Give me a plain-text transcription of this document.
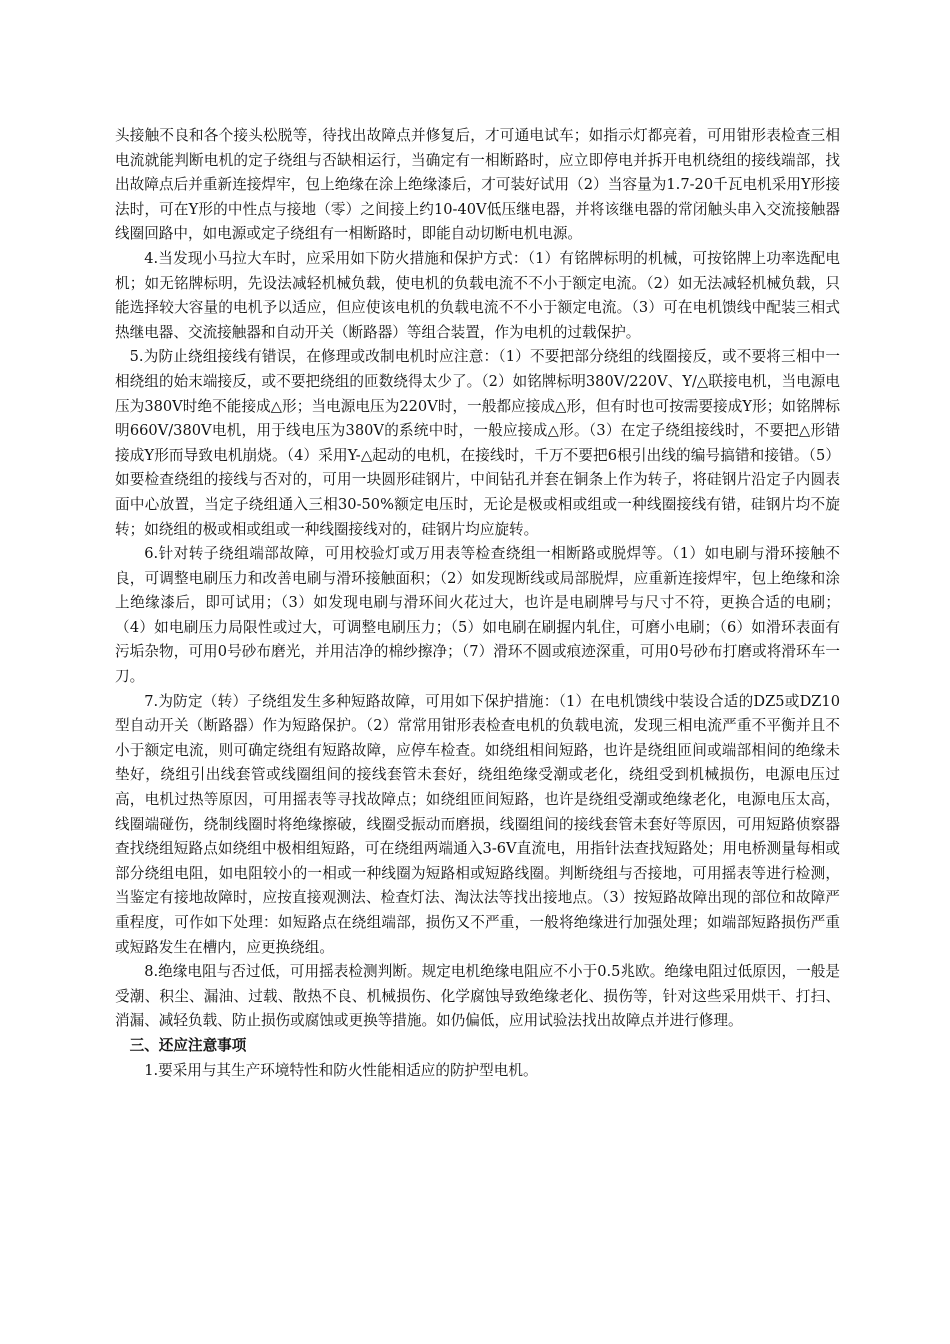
头接触不良和各个接头松脱等，待找出故障点并修复后，才可通电试车；如指示灯都亮着，可用钳形表检查三相电流就能判断电机的定子绕组与否缺相运行，当确定有一相断路时，应立即停电并拆开电机绕组的接线端部，找出故障点后并重新连接焊牢，包上绝缘在涂上绝缘漆后，才可装好试用（2）当容量为1.7-20千瓦电机采用Y形接法时，可在Y形的中性点与接地（零）之间接上约10-40V低压继电器，并将该继电器的常闭触头串入交流接触器线圈回路中，如电源或定子绕组有一相断路时，即能自动切断电机电源。

4.当发现小马拉大车时，应采用如下防火措施和保护方式：（1）有铭牌标明的机械，可按铭牌上功率选配电机；如无铭牌标明，先设法减轻机械负载，使电机的负载电流不不小于额定电流。（2）如无法减轻机械负载，只能选择较大容量的电机予以适应，但应使该电机的负载电流不不小于额定电流。（3）可在电机馈线中配装三相式热继电器、交流接触器和自动开关（断路器）等组合装置，作为电机的过载保护。

5.为防止绕组接线有错误，在修理或改制电机时应注意：（1）不要把部分绕组的线圈接反，或不要将三相中一相绕组的始末端接反，或不要把绕组的匝数绕得太少了。（2）如铭牌标明380V/220V、Y/△联接电机，当电源电压为380V时绝不能接成△形；当电源电压为220V时，一般都应接成△形，但有时也可按需要接成Y形；如铭牌标明660V/380V电机，用于线电压为380V的系统中时，一般应接成△形。（3）在定子绕组接线时，不要把△形错接成Y形而导致电机崩烧。（4）采用Y-△起动的电机，在接线时，千万不要把6根引出线的编号搞错和接错。（5）如要检查绕组的接线与否对的，可用一块圆形硅钢片，中间钻孔并套在铜条上作为转子，将硅钢片沿定子内圆表面中心放置，当定子绕组通入三相30-50%额定电压时，无论是极或相或组或一种线圈接线有错，硅钢片均不旋转；如绕组的极或相或组或一种线圈接线对的，硅钢片均应旋转。

6.针对转子绕组端部故障，可用校验灯或万用表等检查绕组一相断路或脱焊等。（1）如电刷与滑环接触不良，可调整电刷压力和改善电刷与滑环接触面积；（2）如发现断线或局部脱焊，应重新连接焊牢，包上绝缘和涂上绝缘漆后，即可试用；（3）如发现电刷与滑环间火花过大，也许是电刷牌号与尺寸不符，更换合适的电刷；（4）如电刷压力局限性或过大，可调整电刷压力；（5）如电刷在刷握内轧住，可磨小电刷；（6）如滑环表面有污垢杂物，可用0号砂布磨光，并用洁净的棉纱擦净；（7）滑环不圆或痕迹深重，可用0号砂布打磨或将滑环车一刀。

7.为防定（转）子绕组发生多种短路故障，可用如下保护措施：（1）在电机馈线中装设合适的DZ5或DZ10型自动开关（断路器）作为短路保护。（2）常常用钳形表检查电机的负载电流，发现三相电流严重不平衡并且不小于额定电流，则可确定绕组有短路故障，应停车检查。如绕组相间短路，也许是绕组匝间或端部相间的绝缘未垫好，绕组引出线套管或线圈组间的接线套管未套好，绕组绝缘受潮或老化，绕组受到机械损伤，电源电压过高，电机过热等原因，可用摇表等寻找故障点；如绕组匝间短路，也许是绕组受潮或绝缘老化，电源电压太高，线圈端碰伤，绕制线圈时将绝缘擦破，线圈受振动而磨损，线圈组间的接线套管未套好等原因，可用短路侦察器查找绕组短路点如绕组中极相组短路，可在绕组两端通入3-6V直流电，用指针法查找短路处；用电桥测量每相或部分绕组电阻，如电阻较小的一相或一种线圈为短路相或短路线圈。判断绕组与否接地，可用摇表等进行检测，当鉴定有接地故障时，应按直接观测法、检查灯法、淘汰法等找出接地点。（3）按短路故障出现的部位和故障严重程度，可作如下处理：如短路点在绕组端部，损伤又不严重，一般将绝缘进行加强处理；如端部短路损伤严重或短路发生在槽内，应更换绕组。

8.绝缘电阻与否过低，可用摇表检测判断。规定电机绝缘电阻应不小于0.5兆欧。绝缘电阻过低原因，一般是受潮、积尘、漏油、过载、散热不良、机械损伤、化学腐蚀导致绝缘老化、损伤等，针对这些采用烘干、打扫、消漏、减轻负载、防止损伤或腐蚀或更换等措施。如仍偏低，应用试验法找出故障点并进行修理。

三、还应注意事项

1.要采用与其生产环境特性和防火性能相适应的防护型电机。
